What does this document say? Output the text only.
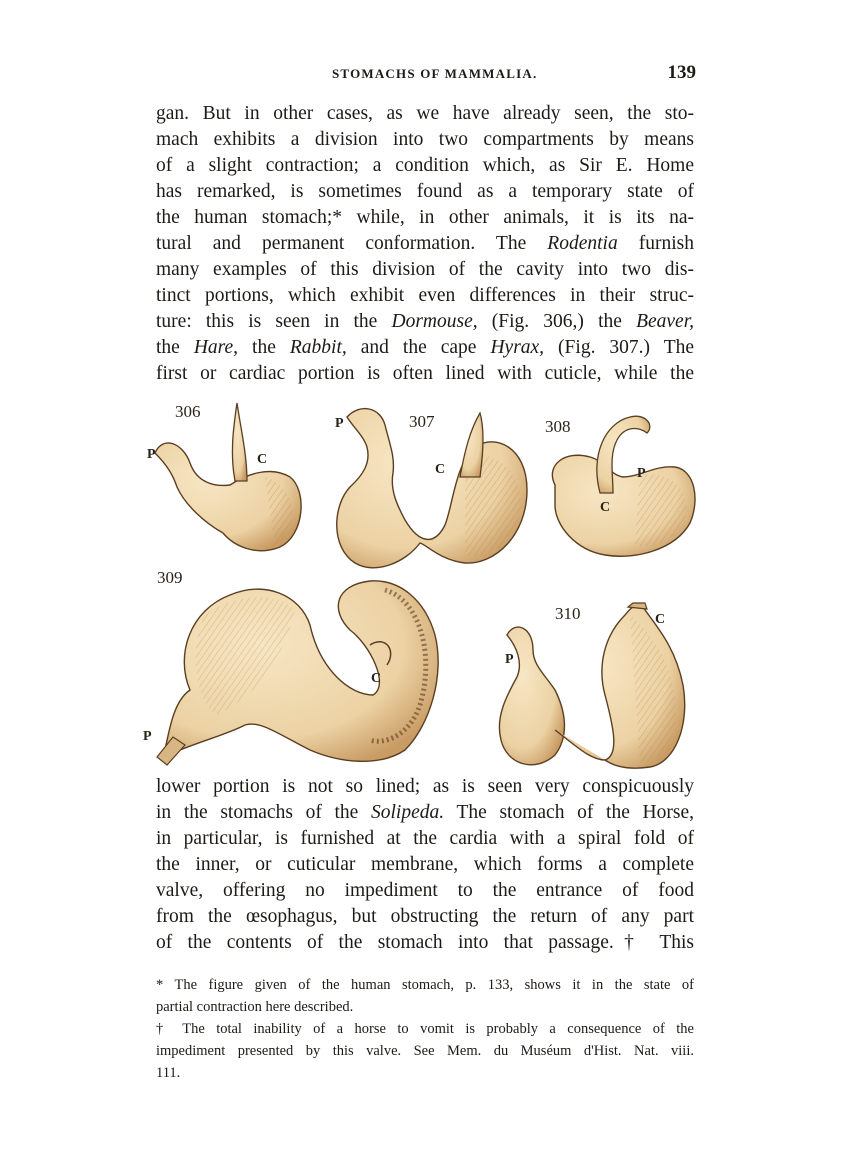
STOMACHS OF MAMMALIA.	139

gan. But in other cases, as we have already seen, the sto-
mach exhibits a division into two compartments by means
of a slight contraction; a condition which, as Sir E. Home
has remarked, is sometimes found as a temporary state of
the human stomach;* while, in other animals, it is its na-
tural and permanent conformation. The Rodentia furnish
many examples of this division of the cavity into two dis-
tinct portions, which exhibit even differences in their struc-
ture: this is seen in the Dormouse, (Fig. 306,) the Beaver,
the Hare, the Rabbit, and the cape Hyrax, (Fig. 307.) The
first or cardiac portion is often lined with cuticle, while the

306
P	C
307
P
C
308
P
C
309
P
C
310
P
C

lower portion is not so lined; as is seen very conspicuously
in the stomachs of the Solipeda. The stomach of the Horse,
in particular, is furnished at the cardia with a spiral fold of
the inner, or cuticular membrane, which forms a complete
valve, offering no impediment to the entrance of food
from the œsophagus, but obstructing the return of any part
of the contents of the stomach into that passage.† This

* The figure given of the human stomach, p. 133, shows it in the state of
partial contraction here described.
† The total inability of a horse to vomit is probably a consequence of the
impediment presented by this valve. See Mem. du Muséum d'Hist. Nat. viii.
111.
